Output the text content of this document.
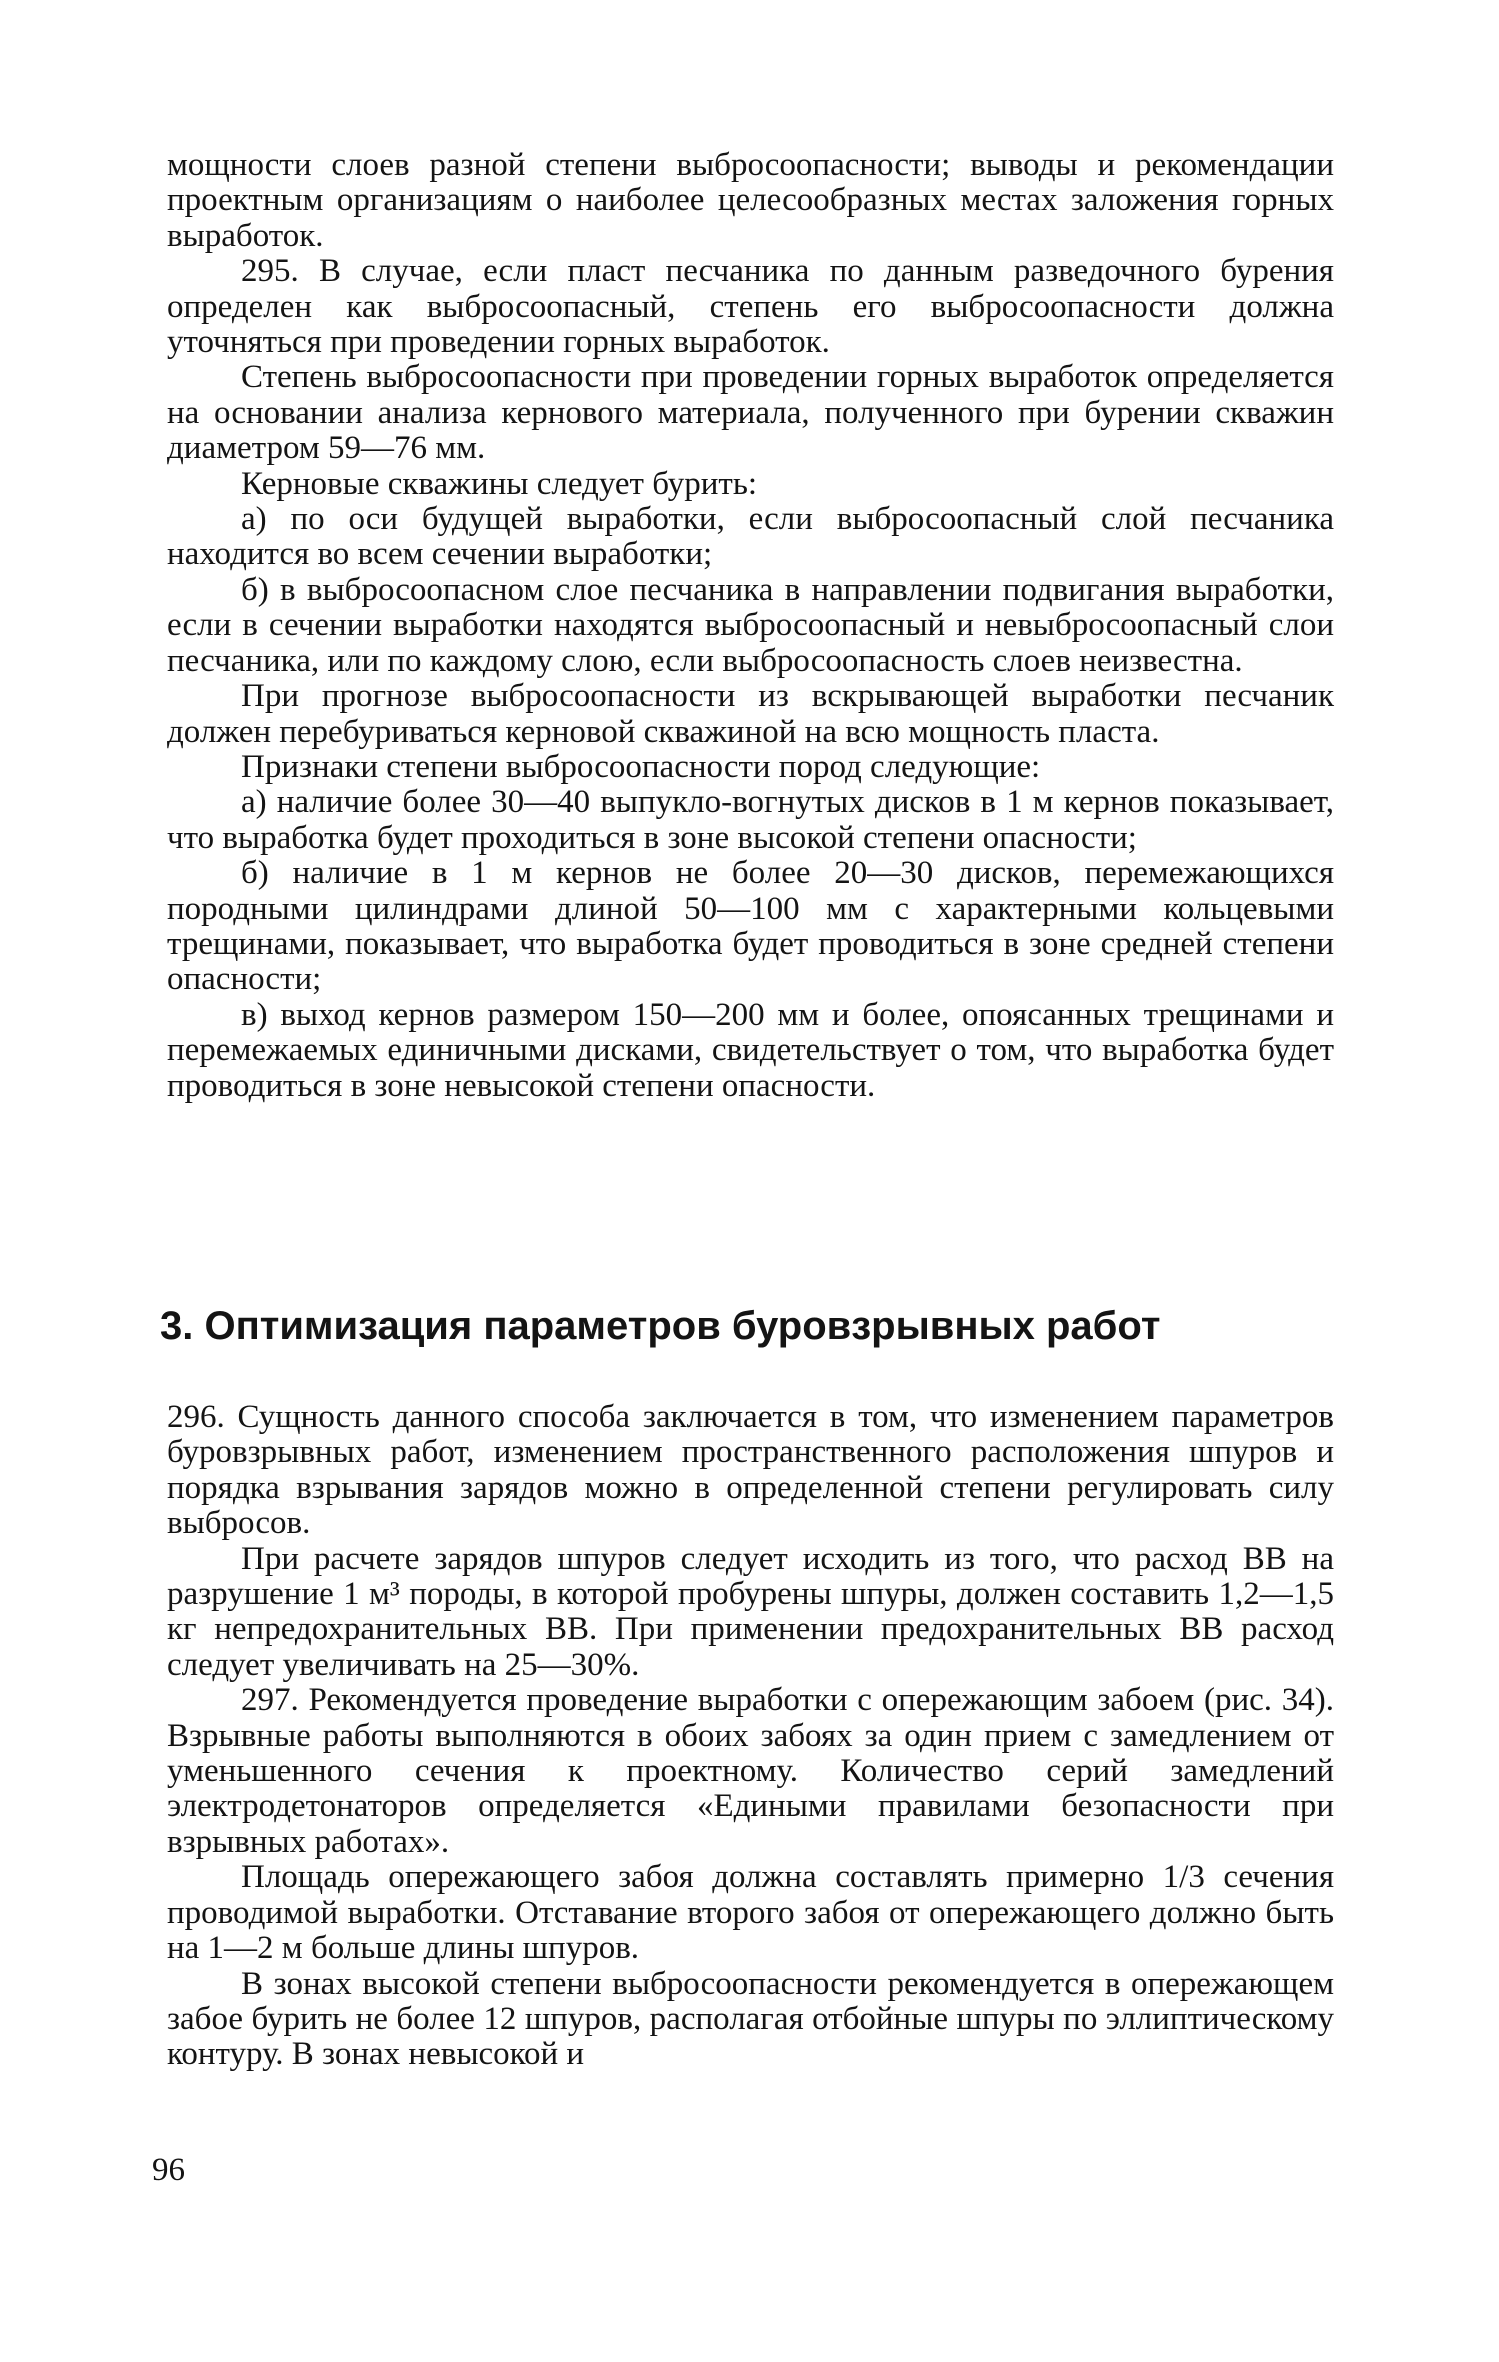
мощности слоев разной степени выбросоопасности; выводы и рекомендации проектным организациям о наиболее целесообразных местах заложения горных выработок.

295. В случае, если пласт песчаника по данным разведочного бурения определен как выбросоопасный, степень его выбросоопасности должна уточняться при проведении горных выработок.

Степень выбросоопасности при проведении горных выработок определяется на основании анализа кернового материала, полученного при бурении скважин диаметром 59—76 мм.

Керновые скважины следует бурить:

а) по оси будущей выработки, если выбросоопасный слой песчаника находится во всем сечении выработки;

б) в выбросоопасном слое песчаника в направлении подвигания выработки, если в сечении выработки находятся выбросоопасный и невыбросоопасный слои песчаника, или по каждому слою, если выбросоопасность слоев неизвестна.

При прогнозе выбросоопасности из вскрывающей выработки песчаник должен перебуриваться керновой скважиной на всю мощность пласта.

Признаки степени выбросоопасности пород следующие:

а) наличие более 30—40 выпукло-вогнутых дисков в 1 м кернов показывает, что выработка будет проходиться в зоне высокой степени опасности;

б) наличие в 1 м кернов не более 20—30 дисков, перемежающихся породными цилиндрами длиной 50—100 мм с характерными кольцевыми трещинами, показывает, что выработка будет проводиться в зоне средней степени опасности;

в) выход кернов размером 150—200 мм и более, опоясанных трещинами и перемежаемых единичными дисками, свидетельствует о том, что выработка будет проводиться в зоне невысокой степени опасности.

3. Оптимизация параметров буровзрывных работ

296. Сущность данного способа заключается в том, что изменением параметров буровзрывных работ, изменением пространственного расположения шпуров и порядка взрывания зарядов можно в определенной степени регулировать силу выбросов.

При расчете зарядов шпуров следует исходить из того, что расход ВВ на разрушение 1 м³ породы, в которой пробурены шпуры, должен составить 1,2—1,5 кг непредохранительных ВВ. При применении предохранительных ВВ расход следует увеличивать на 25—30%.

297. Рекомендуется проведение выработки с опережающим забоем (рис. 34). Взрывные работы выполняются в обоих забоях за один прием с замедлением от уменьшенного сечения к проектному. Количество серий замедлений электродетонаторов определяется «Едиными правилами безопасности при взрывных работах».

Площадь опережающего забоя должна составлять примерно 1/3 сечения проводимой выработки. Отставание второго забоя от опережающего должно быть на 1—2 м больше длины шпуров.

В зонах высокой степени выбросоопасности рекомендуется в опережающем забое бурить не более 12 шпуров, располагая отбойные шпуры по эллиптическому контуру. В зонах невысокой и

96
